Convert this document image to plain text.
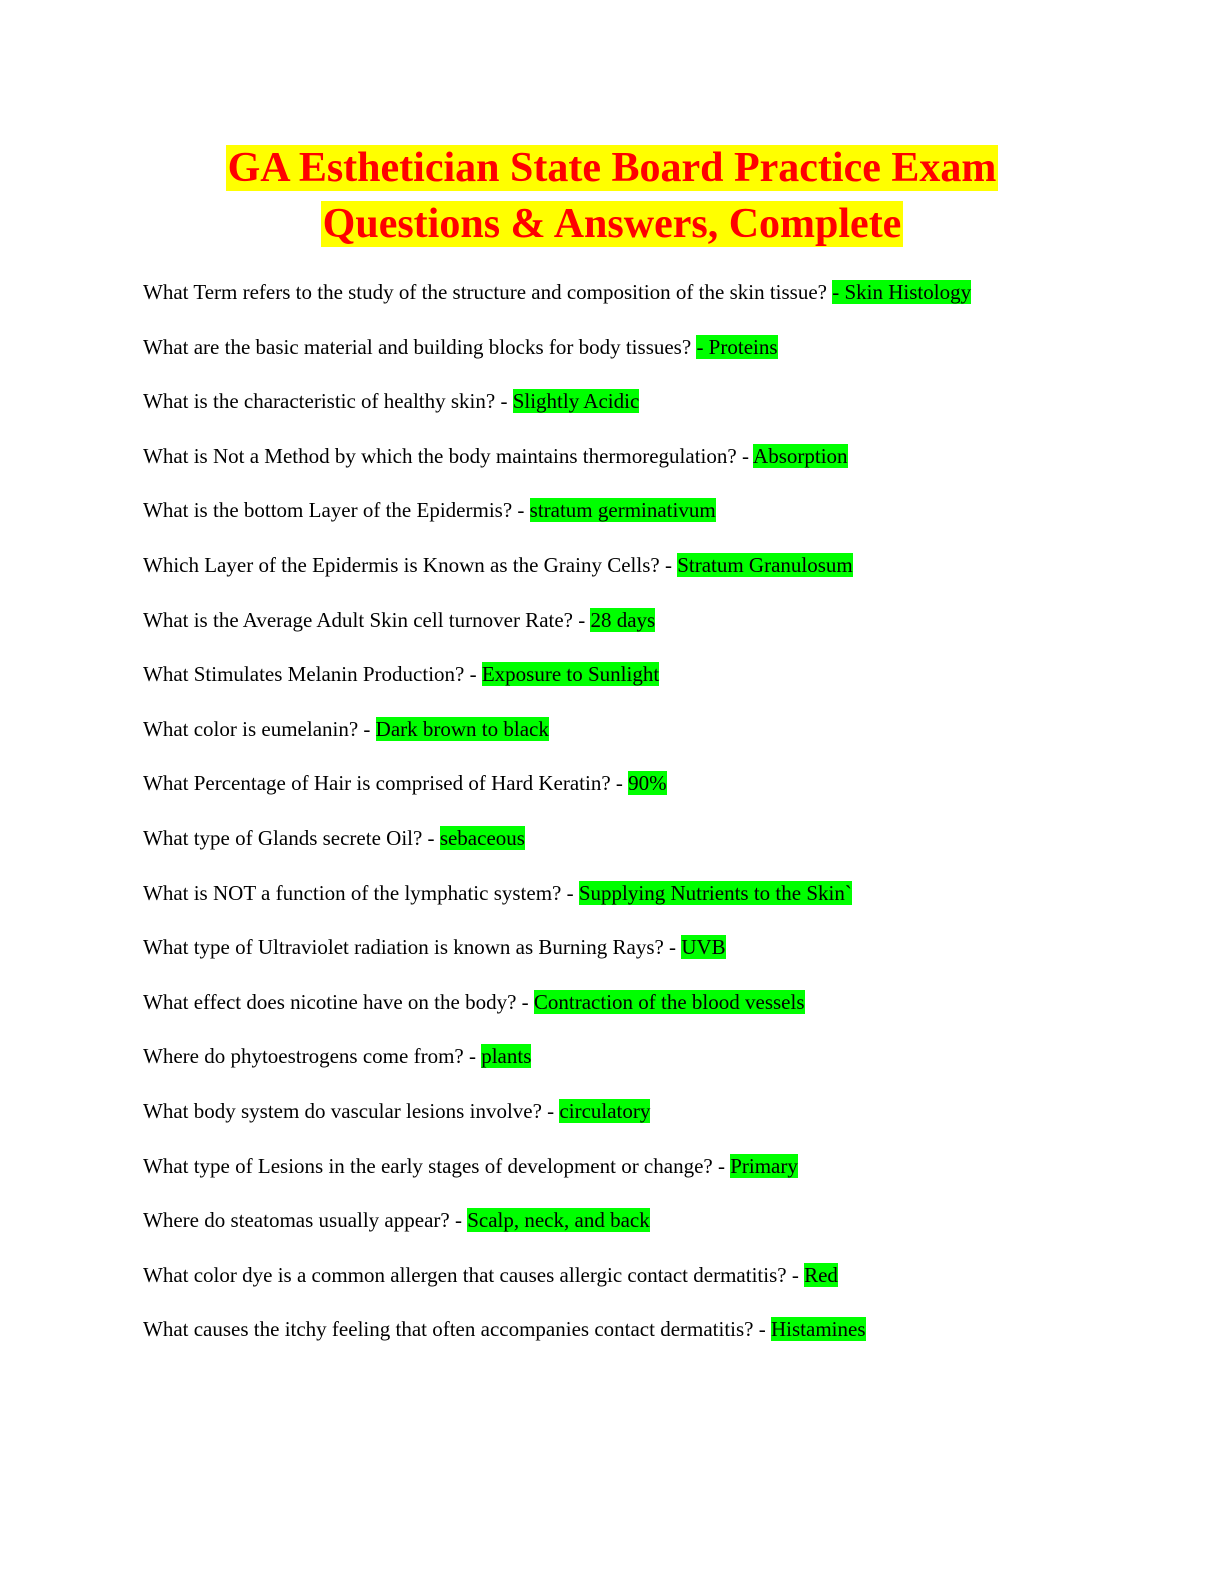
GA Esthetician State Board Practice Exam
Questions & Answers, Complete
What Term refers to the study of the structure and composition of the skin tissue? - Skin Histology
What are the basic material and building blocks for body tissues? - Proteins
What is the characteristic of healthy skin? - Slightly Acidic
What is Not a Method by which the body maintains thermoregulation? - Absorption
What is the bottom Layer of the Epidermis? - stratum germinativum
Which Layer of the Epidermis is Known as the Grainy Cells? - Stratum Granulosum
What is the Average Adult Skin cell turnover Rate? - 28 days
What Stimulates Melanin Production? - Exposure to Sunlight
What color is eumelanin? - Dark brown to black
What Percentage of Hair is comprised of Hard Keratin? - 90%
What type of Glands secrete Oil? - sebaceous
What is NOT a function of the lymphatic system? - Supplying Nutrients to the Skin`
What type of Ultraviolet radiation is known as Burning Rays? - UVB
What effect does nicotine have on the body? - Contraction of the blood vessels
Where do phytoestrogens come from? - plants
What body system do vascular lesions involve? - circulatory
What type of Lesions in the early stages of development or change? - Primary
Where do steatomas usually appear? - Scalp, neck, and back
What color dye is a common allergen that causes allergic contact dermatitis? - Red
What causes the itchy feeling that often accompanies contact dermatitis? - Histamines
